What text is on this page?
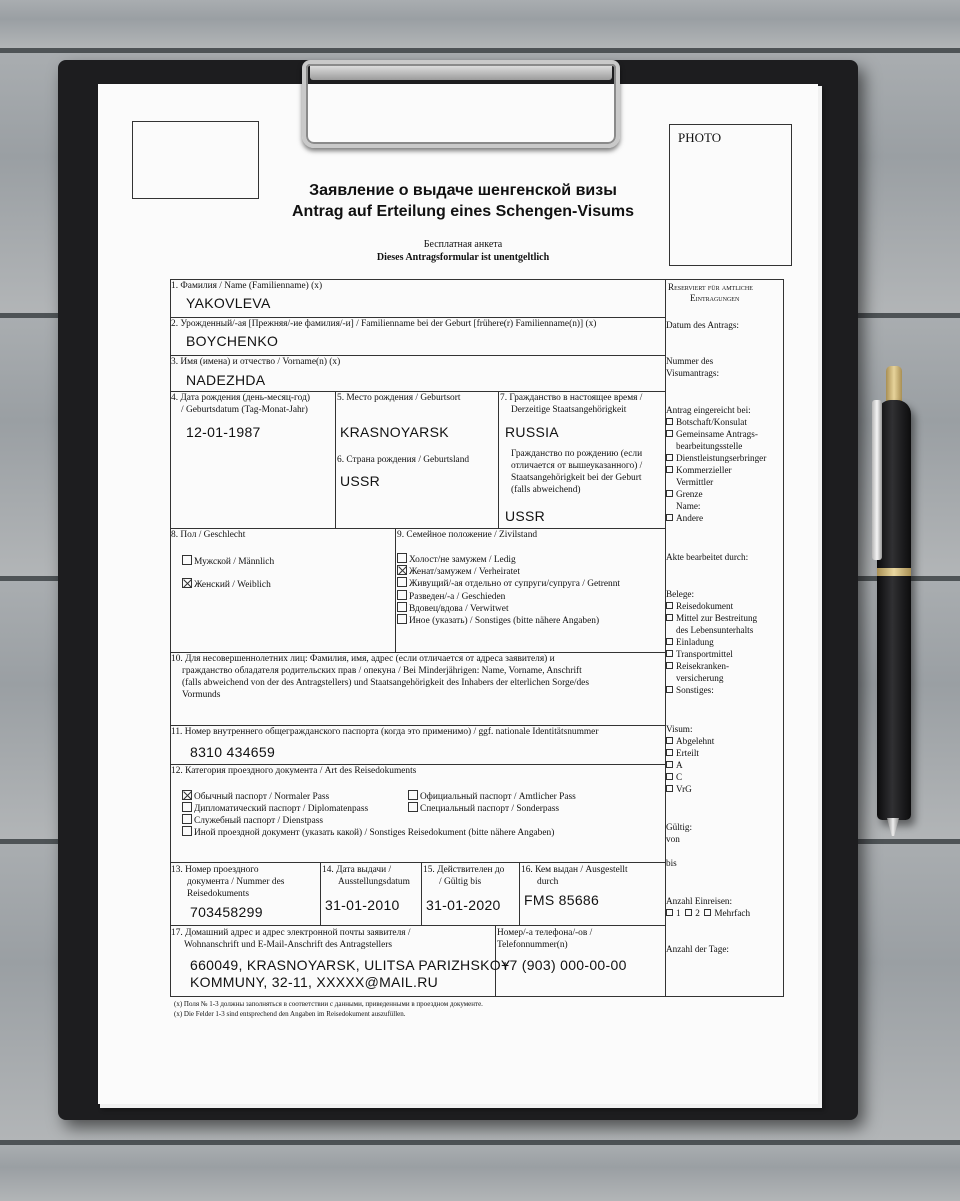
PHOTO
Заявление о выдаче шенгенской визы
Antrag auf Erteilung eines Schengen-Visums
Бесплатная анкета
Dieses Antragsformular ist unentgeltlich
1. Фамилия / Name (Familienname) (x)
YAKOVLEVA
2. Урожденный/-ая [Прежняя/-ие фамилия/-и] / Familienname bei der Geburt [frühere(r) Familienname(n)] (x)
BOYCHENKO
3. Имя (имена) и отчество / Vorname(n) (x)
NADEZHDA
4. Дата рождения (день-месяц-год)
/ Geburtsdatum (Tag-Monat-Jahr)
12-01-1987
5. Место рождения / Geburtsort
KRASNOYARSK
6. Страна рождения / Geburtsland
USSR
7. Гражданство в настоящее время /
Derzeitige Staatsangehörigkeit
RUSSIA
Гражданство по рождению (если
отличается от вышеуказанного) /
Staatsangehörigkeit bei der Geburt
(falls abweichend)
USSR
8. Пол / Geschlecht
Мужской / Männlich
Женский / Weiblich
9. Семейное положение / Zivilstand
Холост/не замужем / Ledig
Женат/замужем / Verheiratet
Живущий/-ая отдельно от супруги/супруга / Getrennt
Разведен/-а / Geschieden
Вдовец/вдова / Verwitwet
Иное (указать) / Sonstiges (bitte nähere Angaben)
10. Для несовершеннолетних лиц: Фамилия, имя, адрес (если отличается от адреса заявителя) и
гражданство обладателя родительских прав / опекуна / Bei Minderjährigen: Name, Vorname, Anschrift
(falls abweichend von der des Antragstellers) und Staatsangehörigkeit des Inhabers der elterlichen Sorge/des
Vormunds
11. Номер внутреннего общегражданского паспорта (когда это применимо) / ggf. nationale Identitätsnummer
8310 434659
12. Категория проездного документа / Art des Reisedokuments
Обычный паспорт / Normaler Pass	Официальный паспорт / Amtlicher Pass
Дипломатический паспорт / Diplomatenpass	Специальный паспорт / Sonderpass
Служебный паспорт / Dienstpass
Иной проездной документ (указать какой) / Sonstiges Reisedokument (bitte nähere Angaben)
13. Номер проездного
документа / Nummer des
Reisedokuments
703458299
14. Дата выдачи /
Ausstellungsdatum
31-01-2010
15. Действителен до
/ Gültig bis
31-01-2020
16. Кем выдан / Ausgestellt
durch
FMS 85686
17. Домашний адрес и адрес электронной почты заявителя /
Wohnanschrift und E-Mail-Anschrift des Antragstellers
660049, KRASNOYARSK, ULITSA PARIZHSKOY
KOMMUNY, 32-11, XXXXX@MAIL.RU
Номер/-а телефона/-ов /
Telefonnummer(n)
+7 (903) 000-00-00
(x) Поля № 1-3 должны заполняться в соответствии с данными, приведенными в проездном документе.
(x) Die Felder 1-3 sind entsprechend den Angaben im Reisedokument auszufüllen.
Reserviert für amtliche
Eintragungen
Datum des Antrags:
Nummer des
Visumantrags:
Antrag eingereicht bei:
Botschaft/Konsulat
Gemeinsame Antrags-
bearbeitungsstelle
Dienstleistungserbringer
Kommerzieller
Vermittler
Grenze
Name:
Andere
Akte bearbeitet durch:
Belege:
Reisedokument
Mittel zur Bestreitung
des Lebensunterhalts
Einladung
Transportmittel
Reisekranken-
versicherung
Sonstiges:
Visum:
Abgelehnt
Erteilt
A
C
VrG
Gültig:
von
bis
Anzahl Einreisen:
1 2 Mehrfach
Anzahl der Tage:
